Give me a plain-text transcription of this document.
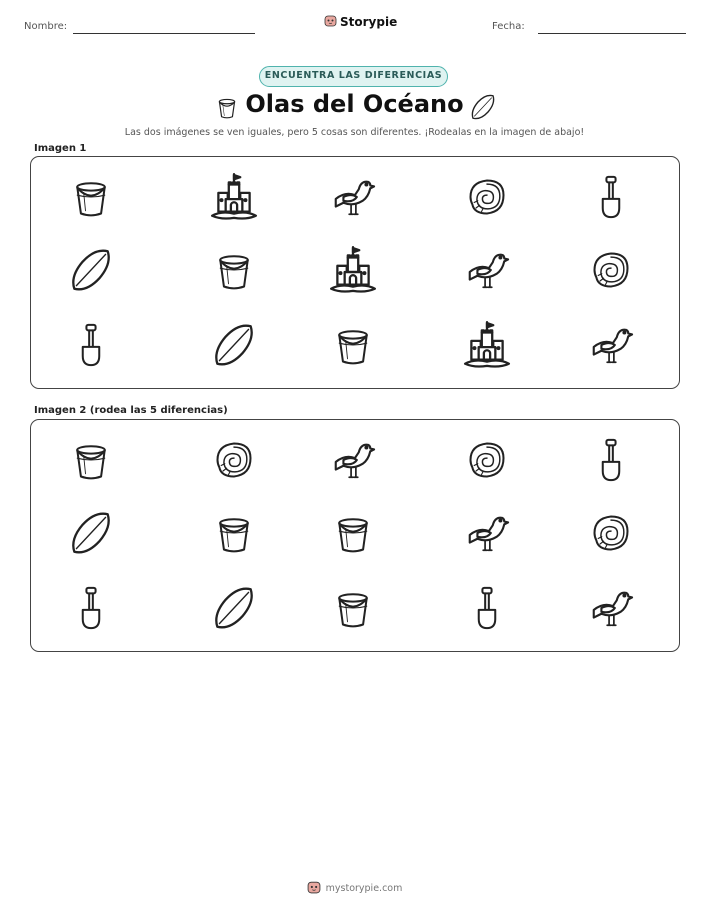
Nombre:	Storypie	Fecha:
ENCUENTRA LAS DIFERENCIAS
Olas del Océano
Las dos imágenes se ven iguales, pero 5 cosas son diferentes. ¡Rodealas en la imagen de abajo!
Imagen 1
Imagen 2 (rodea las 5 diferencias)
mystorypie.com
